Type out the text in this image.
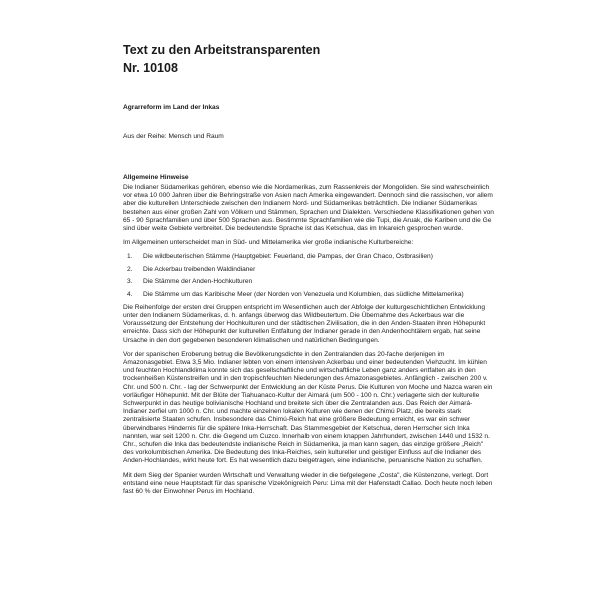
Text zu den Arbeitstransparenten
Nr. 10108
Agrarreform im Land der Inkas
Aus der Reihe: Mensch und Raum
Allgemeine Hinweise

Die Indianer Südamerikas gehören, ebenso wie die Nordamerikas, zum Rassenkreis der Mongoliden. Sie sind wahrscheinlich vor etwa 10 000 Jahren über die Behringstraße von Asien nach Amerika eingewandert. Dennoch sind die rassischen, vor allem aber die kulturellen Unterschiede zwischen den Indianern Nord- und Südamerikas beträchtlich. Die Indianer Südamerikas bestehen aus einer großen Zahl von Völkern und Stämmen, Sprachen und Dialekten. Verschiedene Klassifikationen gehen von 65 - 90 Sprachfamilien und über 500 Sprachen aus. Bestimmte Sprachfamilien wie die Tupi, die Aruak, die Kariben und die Ge sind über weite Gebiete verbreitet. Die bedeutendste Sprache ist das Ketschua, das im Inkareich gesprochen wurde.

Im Allgemeinen unterscheidet man in Süd- und Mittelamerika vier große indianische Kulturbereiche:

1.	Die wildbeuterischen Stämme (Hauptgebiet: Feuerland, die Pampas, der Gran Chaco, Ostbrasilien)
2.	Die Ackerbau treibenden Waldindianer
3.	Die Stämme der Anden-Hochkulturen
4.	Die Stämme um das Karibische Meer (der Norden von Venezuela und Kolumbien, das südliche Mittelamerika)

Die Reihenfolge der ersten drei Gruppen entspricht im Wesentlichen auch der Abfolge der kulturgeschichtlichen Entwicklung unter den Indianern Südamerikas, d. h. anfangs überwog das Wildbeutertum. Die Übernahme des Ackerbaus war die Voraussetzung der Entstehung der Hochkulturen und der städtischen Zivilisation, die in den Anden-Staaten ihren Höhepunkt erreichte. Dass sich der Höhepunkt der kulturellen Entfaltung der Indianer gerade in den Andenhochtälern ergab, hat seine Ursache in den dort gegebenen besonderen klimatischen und natürlichen Bedingungen.

Vor der spanischen Eroberung betrug die Bevölkerungsdichte in den Zentralanden das 20-fache derjenigen im Amazonasgebiet. Etwa 3,5 Mio. Indianer lebten von einem intensiven Ackerbau und einer bedeutenden Viehzucht. Im kühlen und feuchten Hochlandklima konnte sich das gesellschaftliche und wirtschaftliche Leben ganz anders entfalten als in den trockenheißen Küstenstreifen und in den tropischfeuchten Niederungen des Amazonasgebietes. Anfänglich - zwischen 200 v. Chr. und 500 n. Chr. - lag der Schwerpunkt der Entwicklung an der Küste Perus. Die Kulturen von Moche und Nazca waren ein vorläufiger Höhepunkt. Mit der Blüte der Tiahuanaco-Kultur der Aimará (um 500 - 100 n. Chr.) verlagerte sich der kulturelle Schwerpunkt in das heutige bolivianische Hochland und breitete sich über die Zentralanden aus. Das Reich der Aimará-Indianer zerfiel um 1000 n. Chr. und machte einzelnen lokalen Kulturen wie denen der Chimú Platz, die bereits stark zentralisierte Staaten schufen. Insbesondere das Chimú-Reich hat eine größere Bedeutung erreicht, es war ein schwer überwindbares Hindernis für die spätere Inka-Herrschaft. Das Stammesgebiet der Ketschua, deren Herrscher sich Inka nannten, war seit 1200 n. Chr. die Gegend um Cuzco. Innerhalb von einem knappen Jahrhundert, zwischen 1440 und 1532 n. Chr., schufen die Inka das bedeutendste indianische Reich in Südamerika, ja man kann sagen, das einzige größere „Reich" des vorkolumbischen Amerika. Die Bedeutung des Inka-Reiches, sein kultureller und geistiger Einfluss auf die Indianer des Anden-Hochlandes, wirkt heute fort. Es hat wesentlich dazu beigetragen, eine indianische, peruanische Nation zu schaffen.

Mit dem Sieg der Spanier wurden Wirtschaft und Verwaltung wieder in die tiefgelegene „Costa", die Küstenzone, verlegt. Dort entstand eine neue Hauptstadt für das spanische Vizekönigreich Peru: Lima mit der Hafenstadt Callao. Doch heute noch leben fast 60 % der Einwohner Perus im Hochland.
